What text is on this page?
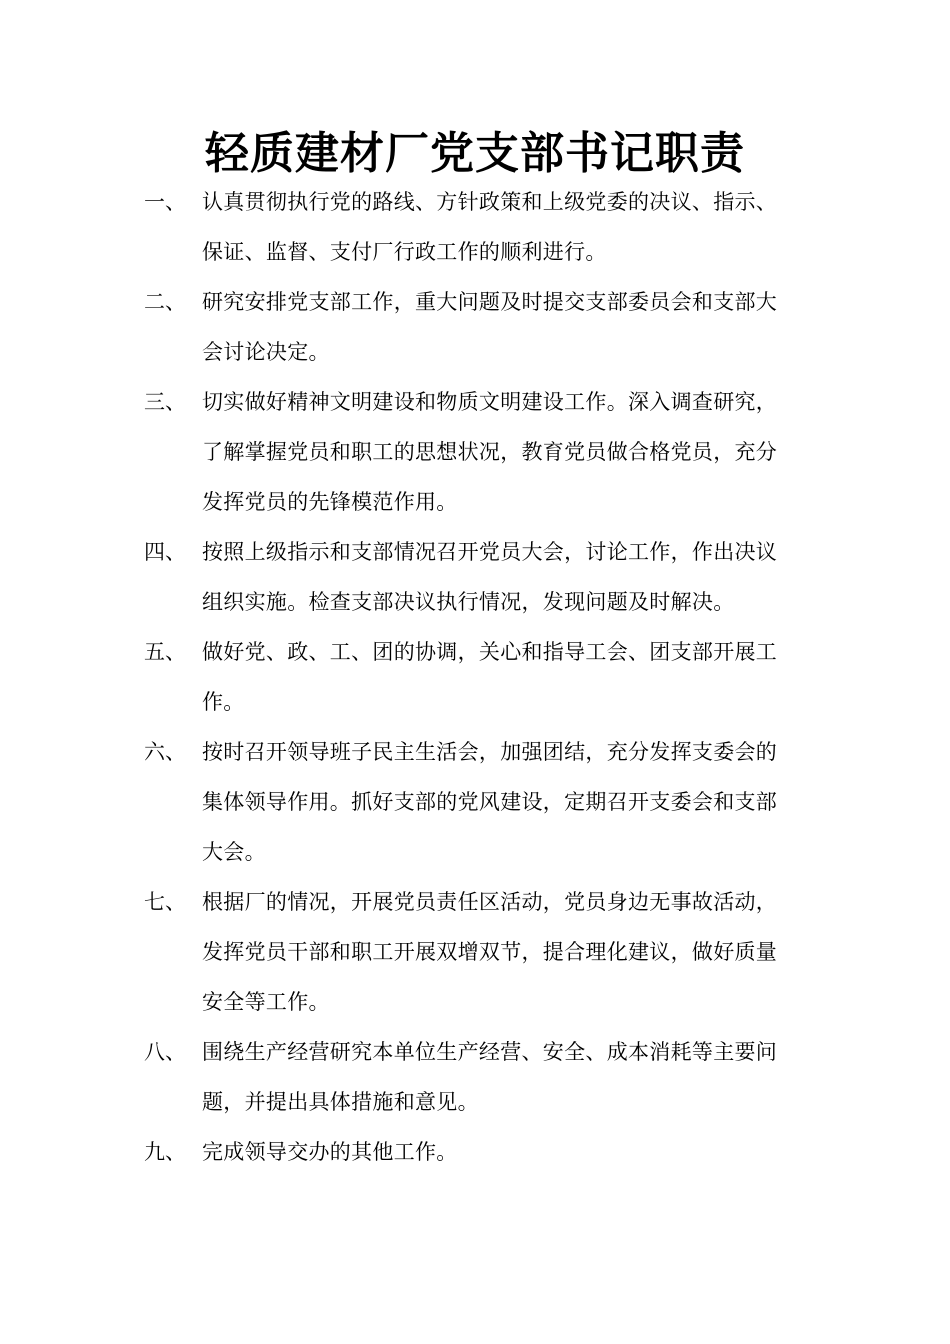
轻质建材厂党支部书记职责
一、 认真贯彻执行党的路线、方针政策和上级党委的决议、指示、
保证、监督、支付厂行政工作的顺利进行。
二、 研究安排党支部工作，重大问题及时提交支部委员会和支部大
会讨论决定。
三、 切实做好精神文明建设和物质文明建设工作。深入调查研究，
了解掌握党员和职工的思想状况，教育党员做合格党员，充分
发挥党员的先锋模范作用。
四、 按照上级指示和支部情况召开党员大会，讨论工作，作出决议
组织实施。检查支部决议执行情况，发现问题及时解决。
五、 做好党、政、工、团的协调，关心和指导工会、团支部开展工
作。
六、 按时召开领导班子民主生活会，加强团结，充分发挥支委会的
集体领导作用。抓好支部的党风建设，定期召开支委会和支部
大会。
七、 根据厂的情况，开展党员责任区活动，党员身边无事故活动，
发挥党员干部和职工开展双增双节，提合理化建议，做好质量
安全等工作。
八、 围绕生产经营研究本单位生产经营、安全、成本消耗等主要问
题，并提出具体措施和意见。
九、 完成领导交办的其他工作。
